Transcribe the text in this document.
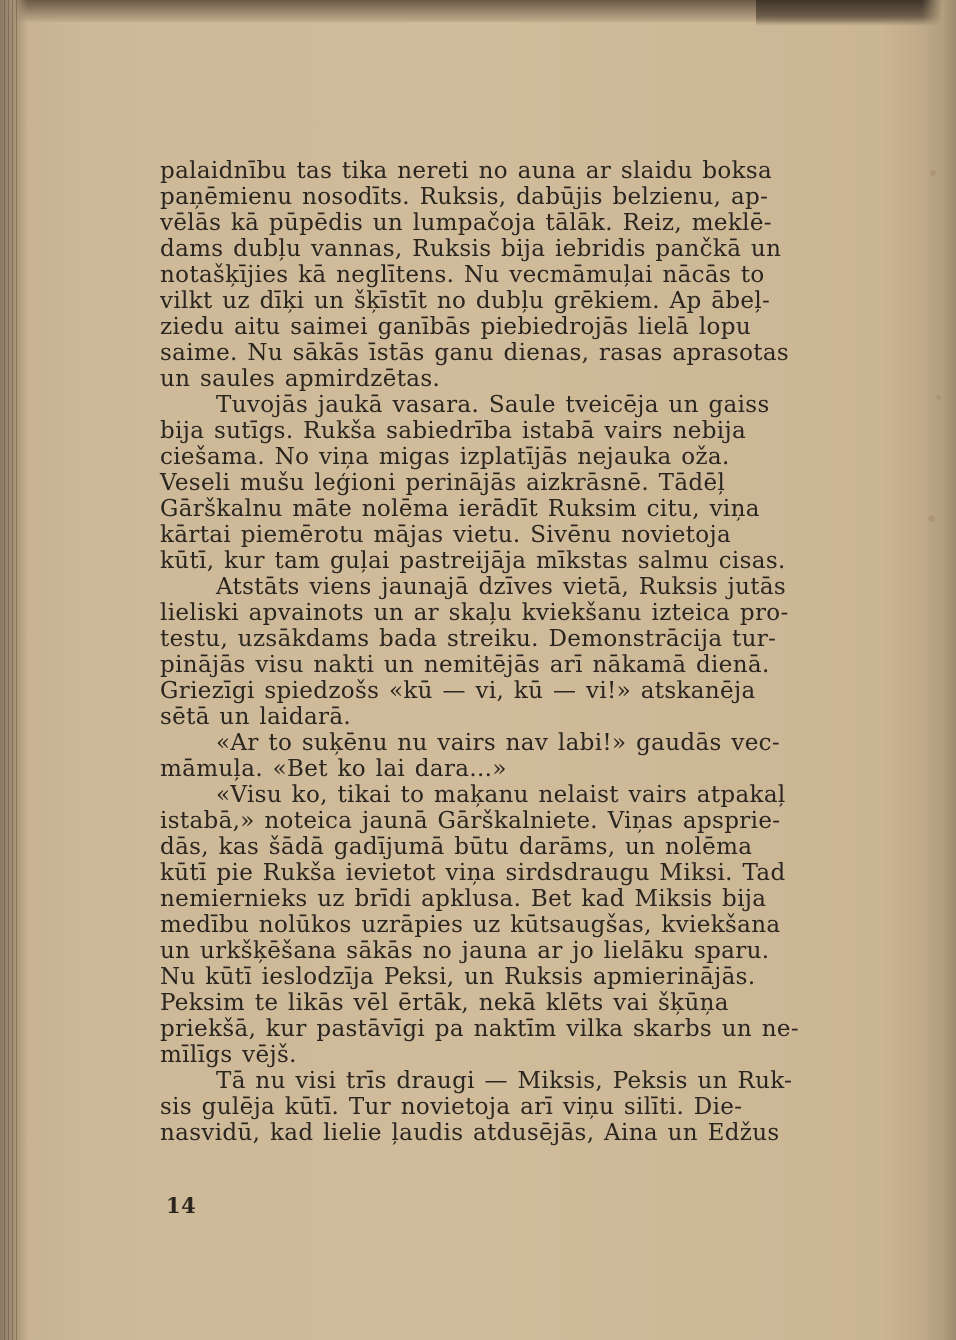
palaidnību tas tika nereti no auna ar slaidu boksa
paņēmienu nosodīts. Ruksis, dabūjis belzienu, ap-
vēlās kā pūpēdis un lumpačoja tālāk. Reiz, meklē-
dams dubļu vannas, Ruksis bija iebridis pančkā un
notašķījies kā neglītens. Nu vecmāmuļai nācās to
vilkt uz dīķi un šķīstīt no dubļu grēkiem. Ap ābeļ-
ziedu aitu saimei ganībās piebiedrojās lielā lopu
saime. Nu sākās īstās ganu dienas, rasas aprasotas
un saules apmirdzētas.
Tuvojās jaukā vasara. Saule tveicēja un gaiss
bija sutīgs. Rukša sabiedrība istabā vairs nebija
ciešama. No viņa migas izplatījās nejauka oža.
Veseli mušu leģioni perinājās aizkrāsnē. Tādēļ
Gārškalnu māte nolēma ierādīt Ruksim citu, viņa
kārtai piemērotu mājas vietu. Sivēnu novietoja
kūtī, kur tam guļai pastreijāja mīkstas salmu cisas.
Atstāts viens jaunajā dzīves vietā, Ruksis jutās
lieliski apvainots un ar skaļu kviekšanu izteica pro-
testu, uzsākdams bada streiku. Demonstrācija tur-
pinājās visu nakti un nemitējās arī nākamā dienā.
Griezīgi spiedzošs «kū — vi, kū — vi!» atskanēja
sētā un laidarā.
«Ar to suķēnu nu vairs nav labi!» gaudās vec-
māmuļa. «Bet ko lai dara...»
«Visu ko, tikai to maķanu nelaist vairs atpakaļ
istabā,» noteica jaunā Gārškalniete. Viņas apsprie-
dās, kas šādā gadījumā būtu darāms, un nolēma
kūtī pie Rukša ievietot viņa sirdsdraugu Miksi. Tad
nemiernieks uz brīdi apklusa. Bet kad Miksis bija
medību nolūkos uzrāpies uz kūtsaugšas, kviekšana
un urkšķēšana sākās no jauna ar jo lielāku sparu.
Nu kūtī ieslodzīja Peksi, un Ruksis apmierinājās.
Peksim te likās vēl ērtāk, nekā klēts vai šķūņa
priekšā, kur pastāvīgi pa naktīm vilka skarbs un ne-
mīlīgs vējš.
Tā nu visi trīs draugi — Miksis, Peksis un Ruk-
sis gulēja kūtī. Tur novietoja arī viņu silīti. Die-
nasvidū, kad lielie ļaudis atdusējās, Aina un Edžus
14
